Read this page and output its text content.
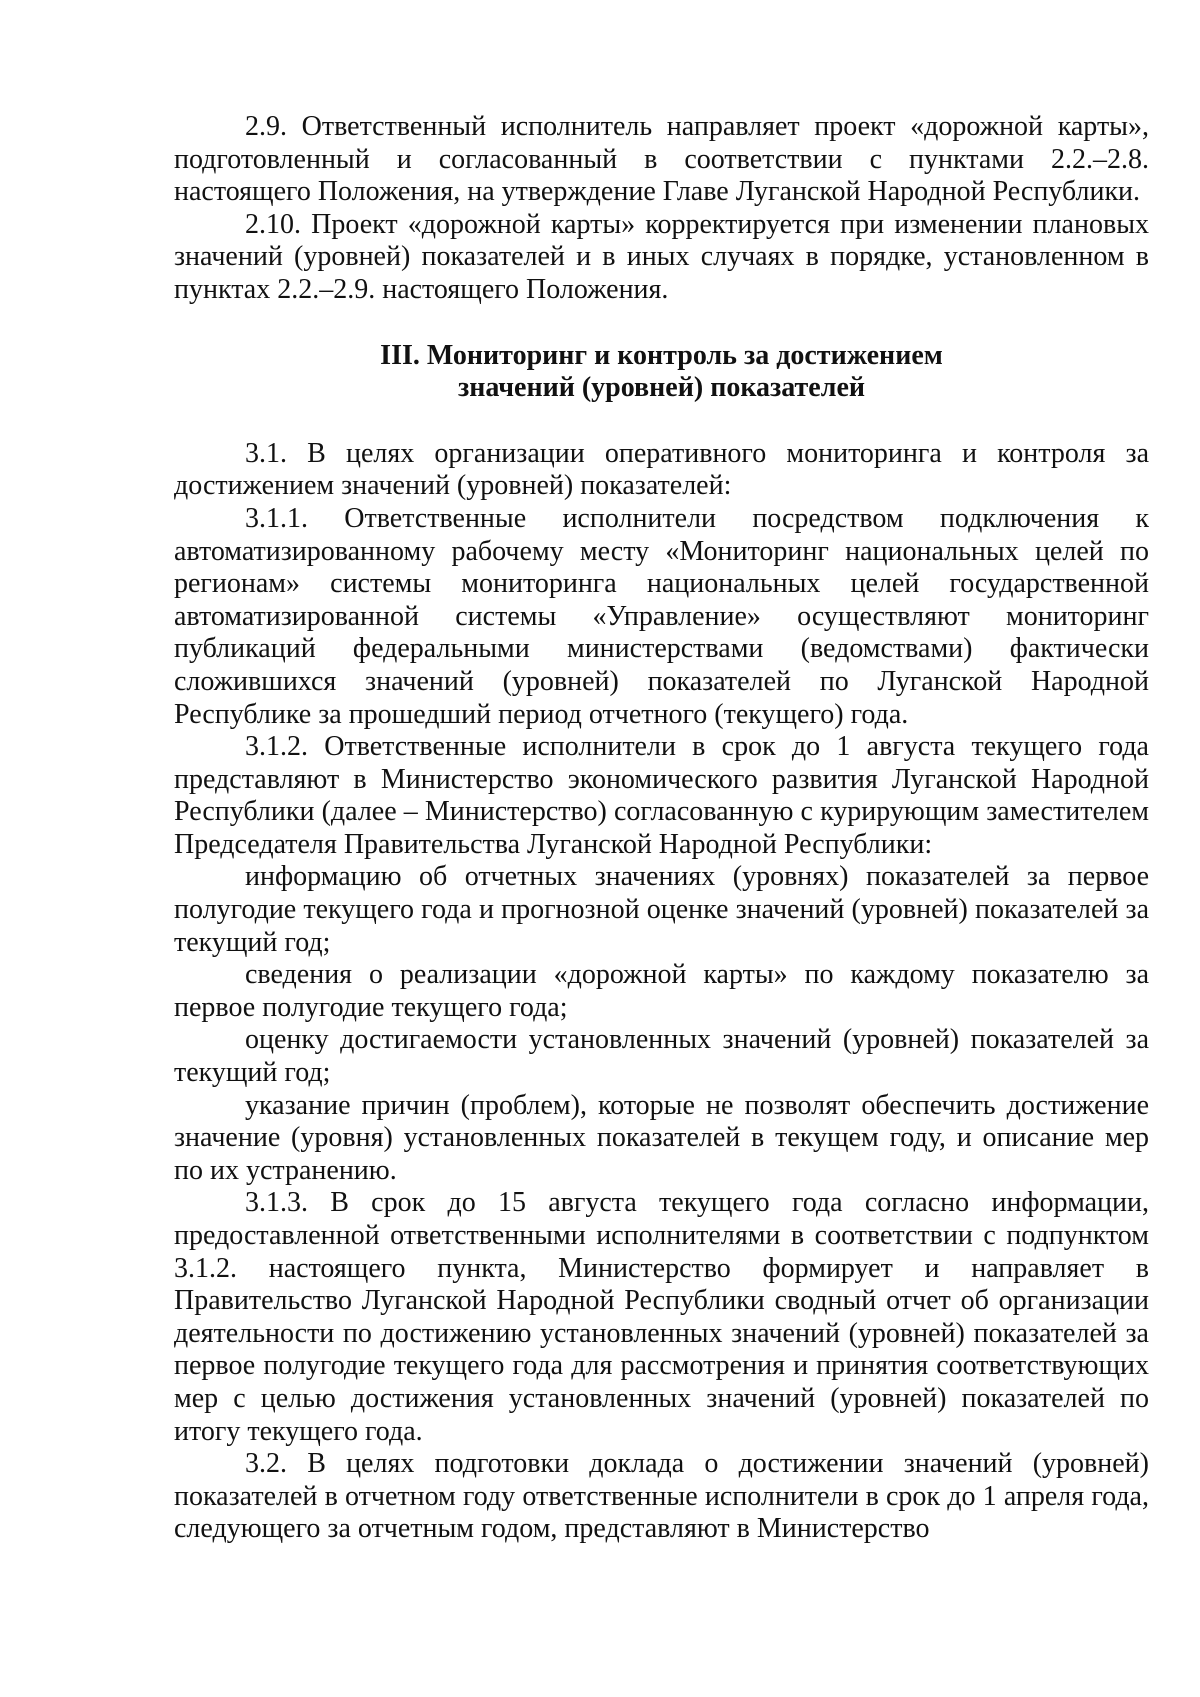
2.9. Ответственный исполнитель направляет проект «дорожной карты», подготовленный и согласованный в соответствии с пунктами 2.2.–2.8. настоящего Положения, на утверждение Главе Луганской Народной Республики.

2.10. Проект «дорожной карты» корректируется при изменении плановых значений (уровней) показателей и в иных случаях в порядке, установленном в пунктах 2.2.–2.9. настоящего Положения.

III. Мониторинг и контроль за достижением

значений (уровней) показателей

3.1. В целях организации оперативного мониторинга и контроля за достижением значений (уровней) показателей:

3.1.1. Ответственные исполнители посредством подключения к автоматизированному рабочему месту «Мониторинг национальных целей по регионам» системы мониторинга национальных целей государственной автоматизированной системы «Управление» осуществляют мониторинг публикаций федеральными министерствами (ведомствами) фактически сложившихся значений (уровней) показателей по Луганской Народной Республике за прошедший период отчетного (текущего) года.

3.1.2. Ответственные исполнители в срок до 1 августа текущего года представляют в Министерство экономического развития Луганской Народной Республики (далее – Министерство) согласованную с курирующим заместителем Председателя Правительства Луганской Народной Республики:

информацию об отчетных значениях (уровнях) показателей за первое полугодие текущего года и прогнозной оценке значений (уровней) показателей за текущий год;

сведения о реализации «дорожной карты» по каждому показателю за первое полугодие текущего года;

оценку достигаемости установленных значений (уровней) показателей за текущий год;

указание причин (проблем), которые не позволят обеспечить достижение значение (уровня) установленных показателей в текущем году, и описание мер по их устранению.

3.1.3. В срок до 15 августа текущего года согласно информации, предоставленной ответственными исполнителями в соответствии с подпунктом 3.1.2. настоящего пункта, Министерство формирует и направляет в Правительство Луганской Народной Республики сводный отчет об организации деятельности по достижению установленных значений (уровней) показателей за первое полугодие текущего года для рассмотрения и принятия соответствующих мер с целью достижения установленных значений (уровней) показателей по итогу текущего года.

3.2. В целях подготовки доклада о достижении значений (уровней) показателей в отчетном году ответственные исполнители в срок до 1 апреля года, следующего за отчетным годом, представляют в Министерство
